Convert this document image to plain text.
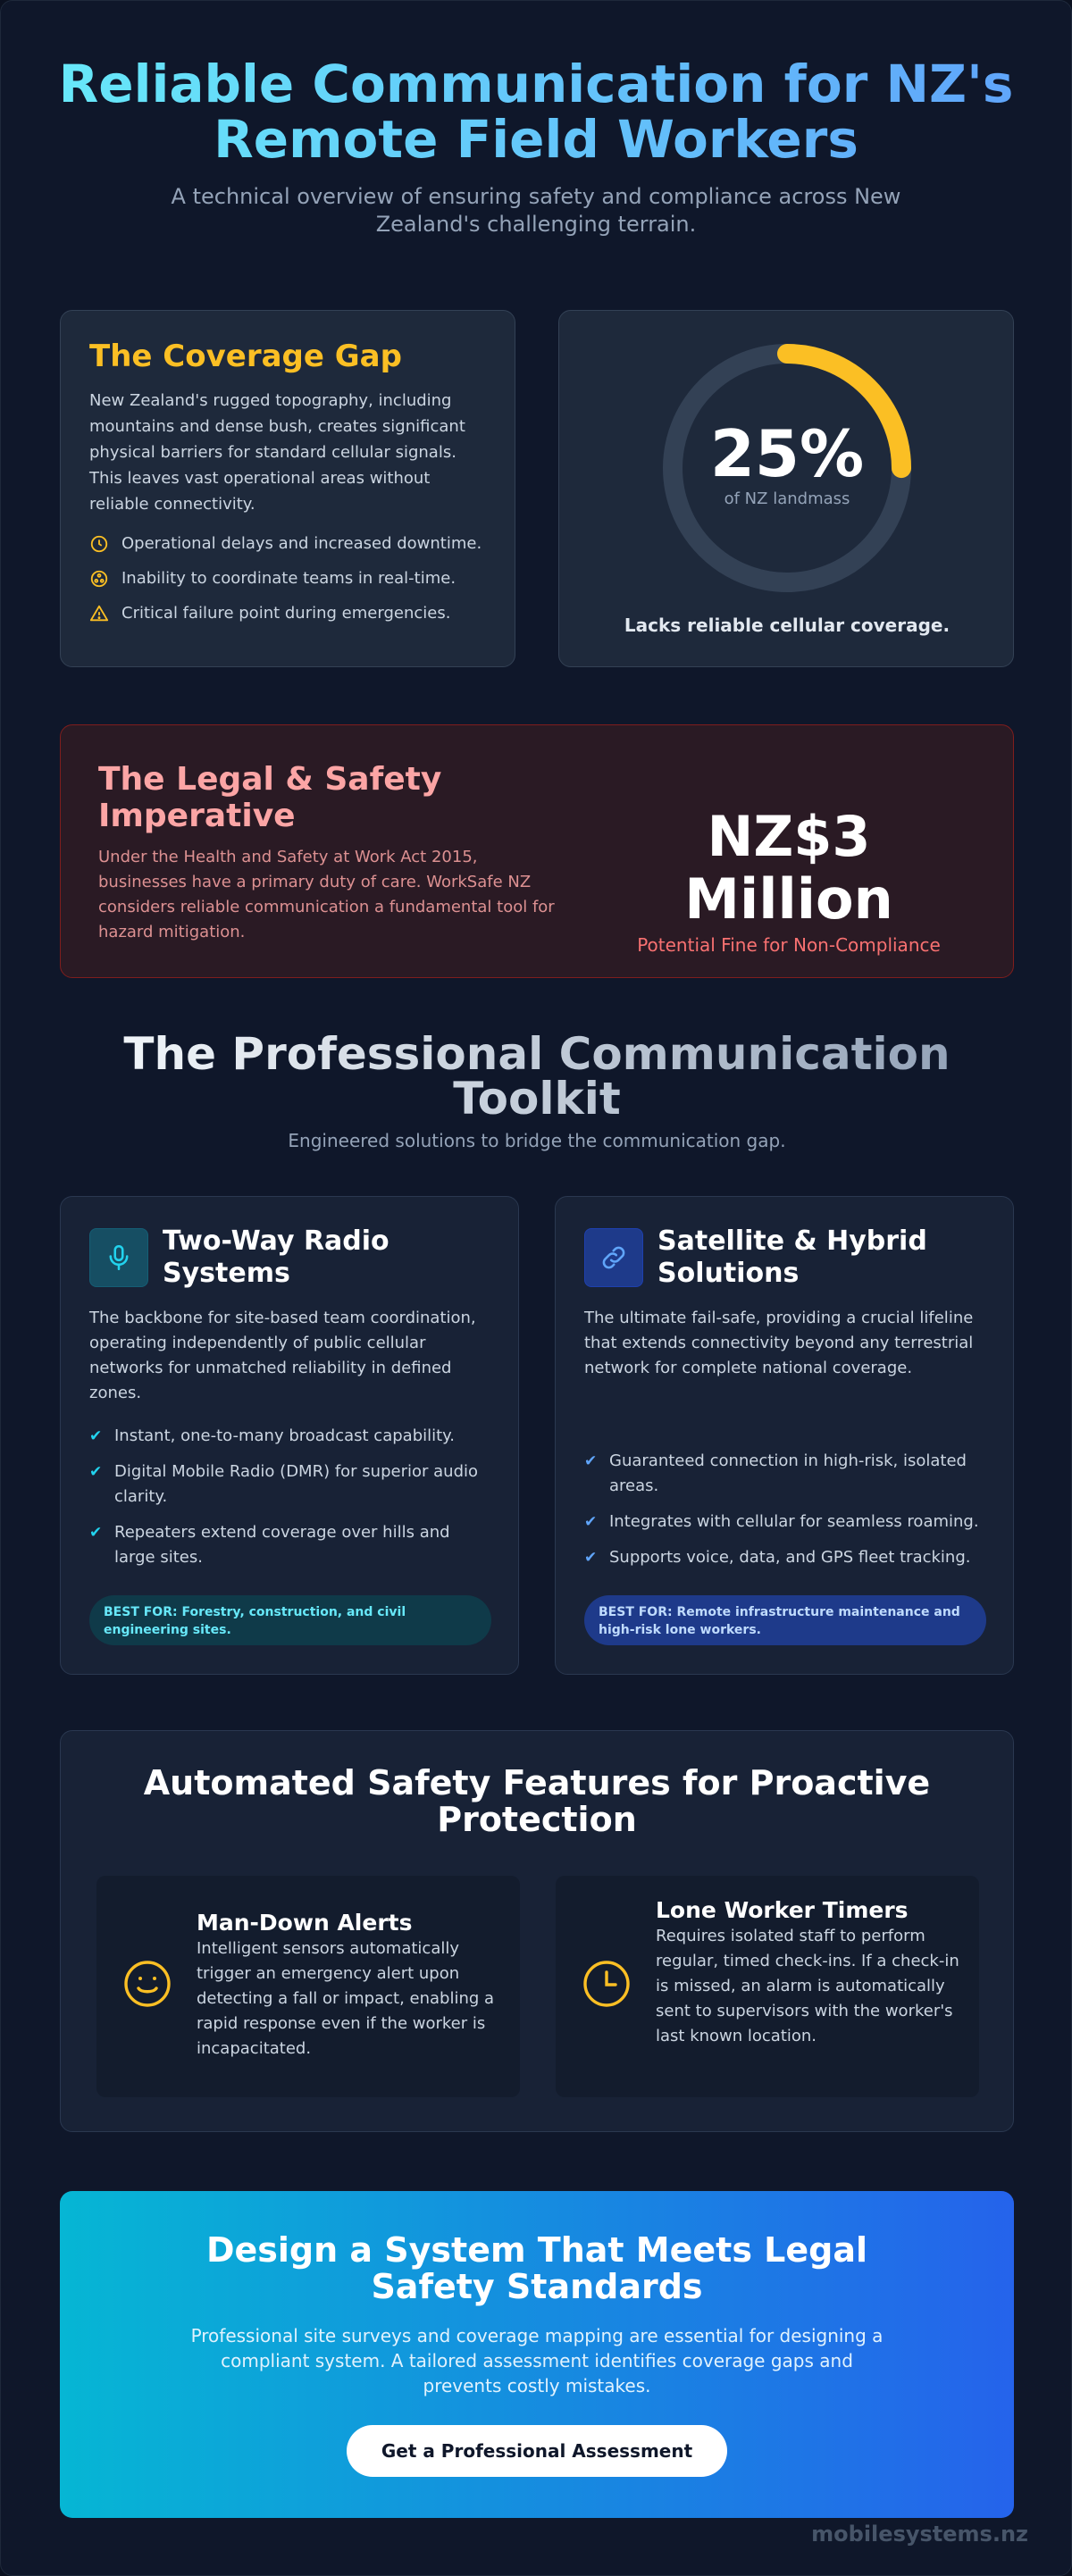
Reliable Communication for NZ's Remote Field Workers

A technical overview of ensuring safety and compliance across New Zealand's challenging terrain.

The Coverage Gap

New Zealand's rugged topography, including mountains and dense bush, creates significant physical barriers for standard cellular signals. This leaves vast operational areas without reliable connectivity.

Operational delays and increased downtime.
Inability to coordinate teams in real-time.
Critical failure point during emergencies.
25%
of NZ landmass
Lacks reliable cellular coverage.
The Legal & Safety Imperative

Under the Health and Safety at Work Act 2015, businesses have a primary duty of care. WorkSafe NZ considers reliable communication a fundamental tool for hazard mitigation.

NZ$3 Million
Potential Fine for Non-Compliance
The Professional Communication Toolkit

Engineered solutions to bridge the communication gap.

Two-Way Radio Systems

The backbone for site-based team coordination, operating independently of public cellular networks for unmatched reliability in defined zones.

✔ Instant, one-to-many broadcast capability.
✔ Digital Mobile Radio (DMR) for superior audio clarity.
✔ Repeaters extend coverage over hills and large sites.
BEST FOR: Forestry, construction, and civil engineering sites.
Satellite & Hybrid Solutions

The ultimate fail-safe, providing a crucial lifeline that extends connectivity beyond any terrestrial network for complete national coverage.

✔ Guaranteed connection in high-risk, isolated areas.
✔ Integrates with cellular for seamless roaming.
✔ Supports voice, data, and GPS fleet tracking.
BEST FOR: Remote infrastructure maintenance and high-risk lone workers.
Automated Safety Features for Proactive Protection
Man-Down Alerts

Intelligent sensors automatically trigger an emergency alert upon detecting a fall or impact, enabling a rapid response even if the worker is incapacitated.

Lone Worker Timers

Requires isolated staff to perform regular, timed check-ins. If a check-in is missed, an alarm is automatically sent to supervisors with the worker's last known location.

Design a System That Meets Legal Safety Standards

Professional site surveys and coverage mapping are essential for designing a compliant system. A tailored assessment identifies coverage gaps and prevents costly mistakes.

Get a Professional Assessment
mobilesystems.nz
